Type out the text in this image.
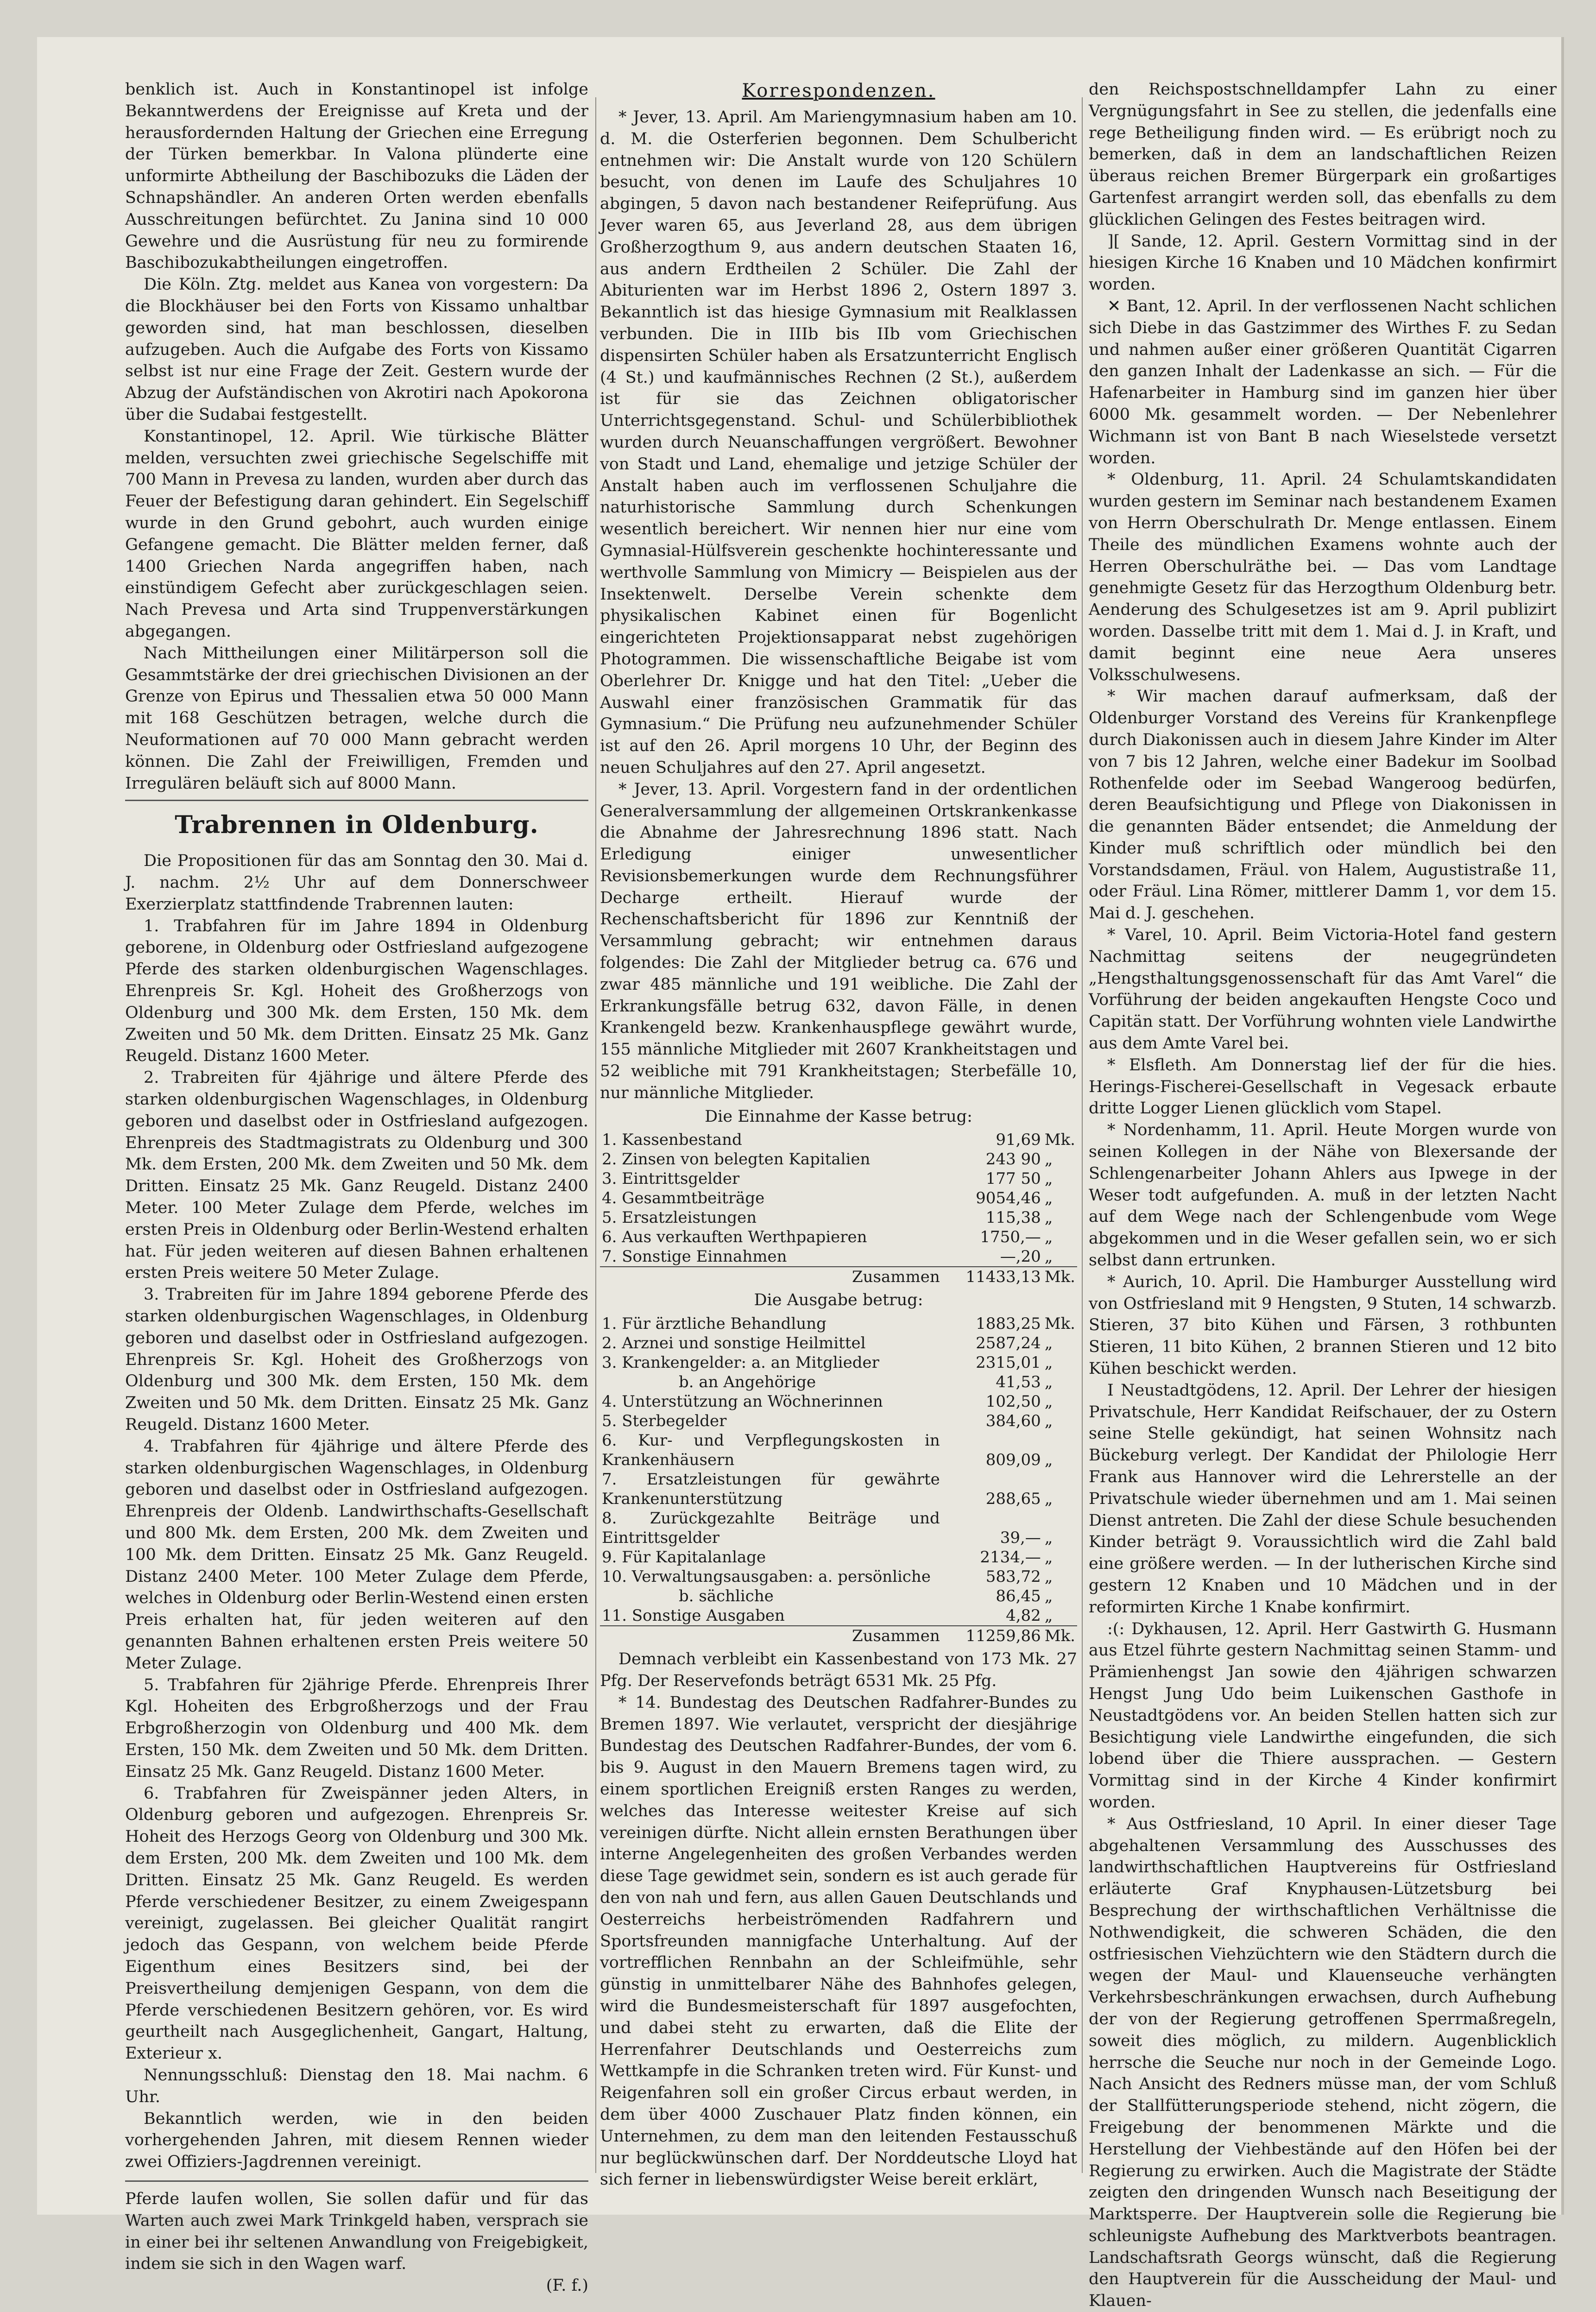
benklich ist. Auch in Konstantinopel ist infolge Bekanntwerdens der Ereignisse auf Kreta und der herausfordernden Haltung der Griechen eine Erregung der Türken bemerkbar. In Valona plünderte eine unformirte Abtheilung der Baschibozuks die Läden der Schnapshändler. An anderen Orten werden ebenfalls Ausschreitungen befürchtet. Zu Janina sind 10 000 Gewehre und die Ausrüstung für neu zu formirende Baschibozukabtheilungen eingetroffen.

Die Köln. Ztg. meldet aus Kanea von vorgestern: Da die Blockhäuser bei den Forts von Kissamo unhaltbar geworden sind, hat man beschlossen, dieselben aufzugeben. Auch die Aufgabe des Forts von Kissamo selbst ist nur eine Frage der Zeit. Gestern wurde der Abzug der Aufständischen von Akrotiri nach Apokorona über die Sudabai festgestellt.

Konstantinopel, 12. April. Wie türkische Blätter melden, versuchten zwei griechische Segelschiffe mit 700 Mann in Prevesa zu landen, wurden aber durch das Feuer der Befestigung daran gehindert. Ein Segelschiff wurde in den Grund gebohrt, auch wurden einige Gefangene gemacht. Die Blätter melden ferner, daß 1400 Griechen Narda angegriffen haben, nach einstündigem Gefecht aber zurückgeschlagen seien. Nach Prevesa und Arta sind Truppenverstärkungen abgegangen.

Nach Mittheilungen einer Militärperson soll die Gesammtstärke der drei griechischen Divisionen an der Grenze von Epirus und Thessalien etwa 50 000 Mann mit 168 Geschützen betragen, welche durch die Neuformationen auf 70 000 Mann gebracht werden können. Die Zahl der Freiwilligen, Fremden und Irregulären beläuft sich auf 8000 Mann.

Trabrennen in Oldenburg.

Die Propositionen für das am Sonntag den 30. Mai d. J. nachm. 2½ Uhr auf dem Donnerschweer Exerzierplatz stattfindende Trabrennen lauten:

1. Trabfahren für im Jahre 1894 in Oldenburg geborene, in Oldenburg oder Ostfriesland aufgezogene Pferde des starken oldenburgischen Wagenschlages. Ehrenpreis Sr. Kgl. Hoheit des Großherzogs von Oldenburg und 300 Mk. dem Ersten, 150 Mk. dem Zweiten und 50 Mk. dem Dritten. Einsatz 25 Mk. Ganz Reugeld. Distanz 1600 Meter.

2. Trabreiten für 4jährige und ältere Pferde des starken oldenburgischen Wagenschlages, in Oldenburg geboren und daselbst oder in Ostfriesland aufgezogen. Ehrenpreis des Stadtmagistrats zu Oldenburg und 300 Mk. dem Ersten, 200 Mk. dem Zweiten und 50 Mk. dem Dritten. Einsatz 25 Mk. Ganz Reugeld. Distanz 2400 Meter. 100 Meter Zulage dem Pferde, welches im ersten Preis in Oldenburg oder Berlin-Westend erhalten hat. Für jeden weiteren auf diesen Bahnen erhaltenen ersten Preis weitere 50 Meter Zulage.

3. Trabreiten für im Jahre 1894 geborene Pferde des starken oldenburgischen Wagenschlages, in Oldenburg geboren und daselbst oder in Ostfriesland aufgezogen. Ehrenpreis Sr. Kgl. Hoheit des Großherzogs von Oldenburg und 300 Mk. dem Ersten, 150 Mk. dem Zweiten und 50 Mk. dem Dritten. Einsatz 25 Mk. Ganz Reugeld. Distanz 1600 Meter.

4. Trabfahren für 4jährige und ältere Pferde des starken oldenburgischen Wagenschlages, in Oldenburg geboren und daselbst oder in Ostfriesland aufgezogen. Ehrenpreis der Oldenb. Landwirthschafts-Gesellschaft und 800 Mk. dem Ersten, 200 Mk. dem Zweiten und 100 Mk. dem Dritten. Einsatz 25 Mk. Ganz Reugeld. Distanz 2400 Meter. 100 Meter Zulage dem Pferde, welches in Oldenburg oder Berlin-Westend einen ersten Preis erhalten hat, für jeden weiteren auf den genannten Bahnen erhaltenen ersten Preis weitere 50 Meter Zulage.

5. Trabfahren für 2jährige Pferde. Ehrenpreis Ihrer Kgl. Hoheiten des Erbgroßherzogs und der Frau Erbgroßherzogin von Oldenburg und 400 Mk. dem Ersten, 150 Mk. dem Zweiten und 50 Mk. dem Dritten. Einsatz 25 Mk. Ganz Reugeld. Distanz 1600 Meter.

6. Trabfahren für Zweispänner jeden Alters, in Oldenburg geboren und aufgezogen. Ehrenpreis Sr. Hoheit des Herzogs Georg von Oldenburg und 300 Mk. dem Ersten, 200 Mk. dem Zweiten und 100 Mk. dem Dritten. Einsatz 25 Mk. Ganz Reugeld. Es werden Pferde verschiedener Besitzer, zu einem Zweigespann vereinigt, zugelassen. Bei gleicher Qualität rangirt jedoch das Gespann, von welchem beide Pferde Eigenthum eines Besitzers sind, bei der Preisvertheilung demjenigen Gespann, von dem die Pferde verschiedenen Besitzern gehören, vor. Es wird geurtheilt nach Ausgeglichenheit, Gangart, Haltung, Exterieur x.

Nennungsschluß: Dienstag den 18. Mai nachm. 6 Uhr.

Bekanntlich werden, wie in den beiden vorhergehenden Jahren, mit diesem Rennen wieder zwei Offiziers-Jagdrennen vereinigt.

Pferde laufen wollen, Sie sollen dafür und für das Warten auch zwei Mark Trinkgeld haben, versprach sie in einer bei ihr seltenen Anwandlung von Freigebigkeit, indem sie sich in den Wagen warf.

(F. f.)
Korrespondenzen.

* Jever, 13. April. Am Mariengymnasium haben am 10. d. M. die Osterferien begonnen. Dem Schulbericht entnehmen wir: Die Anstalt wurde von 120 Schülern besucht, von denen im Laufe des Schuljahres 10 abgingen, 5 davon nach bestandener Reifeprüfung. Aus Jever waren 65, aus Jeverland 28, aus dem übrigen Großherzogthum 9, aus andern deutschen Staaten 16, aus andern Erdtheilen 2 Schüler. Die Zahl der Abiturienten war im Herbst 1896 2, Ostern 1897 3. Bekanntlich ist das hiesige Gymnasium mit Realklassen verbunden. Die in IIIb bis IIb vom Griechischen dispensirten Schüler haben als Ersatzunterricht Englisch (4 St.) und kaufmännisches Rechnen (2 St.), außerdem ist für sie das Zeichnen obligatorischer Unterrichtsgegenstand. Schul- und Schülerbibliothek wurden durch Neuanschaffungen vergrößert. Bewohner von Stadt und Land, ehemalige und jetzige Schüler der Anstalt haben auch im verflossenen Schuljahre die naturhistorische Sammlung durch Schenkungen wesentlich bereichert. Wir nennen hier nur eine vom Gymnasial-Hülfsverein geschenkte hochinteressante und werthvolle Sammlung von Mimicry — Beispielen aus der Insektenwelt. Derselbe Verein schenkte dem physikalischen Kabinet einen für Bogenlicht eingerichteten Projektionsapparat nebst zugehörigen Photogrammen. Die wissenschaftliche Beigabe ist vom Oberlehrer Dr. Knigge und hat den Titel: „Ueber die Auswahl einer französischen Grammatik für das Gymnasium.“ Die Prüfung neu aufzunehmender Schüler ist auf den 26. April morgens 10 Uhr, der Beginn des neuen Schuljahres auf den 27. April angesetzt.

* Jever, 13. April. Vorgestern fand in der ordentlichen Generalversammlung der allgemeinen Ortskrankenkasse die Abnahme der Jahresrechnung 1896 statt. Nach Erledigung einiger unwesentlicher Revisionsbemerkungen wurde dem Rechnungsführer Decharge ertheilt. Hierauf wurde der Rechenschaftsbericht für 1896 zur Kenntniß der Versammlung gebracht; wir entnehmen daraus folgendes: Die Zahl der Mitglieder betrug ca. 676 und zwar 485 männliche und 191 weibliche. Die Zahl der Erkrankungsfälle betrug 632, davon Fälle, in denen Krankengeld bezw. Krankenhauspflege gewährt wurde, 155 männliche Mitglieder mit 2607 Krankheitstagen und 52 weibliche mit 791 Krankheitstagen; Sterbefälle 10, nur männliche Mitglieder.

Die Einnahme der Kasse betrug:
1. Kassenbestand	91,69	Mk.
2. Zinsen von belegten Kapitalien	243 90	„
3. Eintrittsgelder	177 50	„
4. Gesammtbeiträge	9054,46	„
5. Ersatzleistungen	115,38	„
6. Aus verkauften Werthpapieren	1750,—	„
7. Sonstige Einnahmen	—,20	„
Zusammen	11433,13	Mk.
Die Ausgabe betrug:
1. Für ärztliche Behandlung	1883,25	Mk.
2. Arznei und sonstige Heilmittel	2587,24	„
3. Krankengelder: a. an Mitglieder	2315,01	„
b. an Angehörige	41,53	„
4. Unterstützung an Wöchnerinnen	102,50	„
5. Sterbegelder	384,60	„
6. Kur- und Verpflegungskosten in Krankenhäusern	809,09	„
7. Ersatzleistungen für gewährte Krankenunterstützung	288,65	„
8. Zurückgezahlte Beiträge und Eintrittsgelder	39,—	„
9. Für Kapitalanlage	2134,—	„
10. Verwaltungsausgaben: a. persönliche	583,72	„
b. sächliche	86,45	„
11. Sonstige Ausgaben	4,82	„
Zusammen	11259,86	Mk.

Demnach verbleibt ein Kassenbestand von 173 Mk. 27 Pfg. Der Reservefonds beträgt 6531 Mk. 25 Pfg.

* 14. Bundestag des Deutschen Radfahrer-Bundes zu Bremen 1897. Wie verlautet, verspricht der diesjährige Bundestag des Deutschen Radfahrer-Bundes, der vom 6. bis 9. August in den Mauern Bremens tagen wird, zu einem sportlichen Ereigniß ersten Ranges zu werden, welches das Interesse weitester Kreise auf sich vereinigen dürfte. Nicht allein ernsten Berathungen über interne Angelegenheiten des großen Verbandes werden diese Tage gewidmet sein, sondern es ist auch gerade für den von nah und fern, aus allen Gauen Deutschlands und Oesterreichs herbeiströmenden Radfahrern und Sportsfreunden mannigfache Unterhaltung. Auf der vortrefflichen Rennbahn an der Schleifmühle, sehr günstig in unmittelbarer Nähe des Bahnhofes gelegen, wird die Bundesmeisterschaft für 1897 ausgefochten, und dabei steht zu erwarten, daß die Elite der Herrenfahrer Deutschlands und Oesterreichs zum Wettkampfe in die Schranken treten wird. Für Kunst- und Reigenfahren soll ein großer Circus erbaut werden, in dem über 4000 Zuschauer Platz finden können, ein Unternehmen, zu dem man den leitenden Festausschuß nur beglückwünschen darf. Der Norddeutsche Lloyd hat sich ferner in liebenswürdigster Weise bereit erklärt,

den Reichspostschnelldampfer Lahn zu einer Vergnügungsfahrt in See zu stellen, die jedenfalls eine rege Betheiligung finden wird. — Es erübrigt noch zu bemerken, daß in dem an landschaftlichen Reizen überaus reichen Bremer Bürgerpark ein großartiges Gartenfest arrangirt werden soll, das ebenfalls zu dem glücklichen Gelingen des Festes beitragen wird.

][ Sande, 12. April. Gestern Vormittag sind in der hiesigen Kirche 16 Knaben und 10 Mädchen konfirmirt worden.

✕ Bant, 12. April. In der verflossenen Nacht schlichen sich Diebe in das Gastzimmer des Wirthes F. zu Sedan und nahmen außer einer größeren Quantität Cigarren den ganzen Inhalt der Ladenkasse an sich. — Für die Hafenarbeiter in Hamburg sind im ganzen hier über 6000 Mk. gesammelt worden. — Der Nebenlehrer Wichmann ist von Bant B nach Wieselstede versetzt worden.

* Oldenburg, 11. April. 24 Schulamtskandidaten wurden gestern im Seminar nach bestandenem Examen von Herrn Oberschulrath Dr. Menge entlassen. Einem Theile des mündlichen Examens wohnte auch der Herren Oberschulräthe bei. — Das vom Landtage genehmigte Gesetz für das Herzogthum Oldenburg betr. Aenderung des Schulgesetzes ist am 9. April publizirt worden. Dasselbe tritt mit dem 1. Mai d. J. in Kraft, und damit beginnt eine neue Aera unseres Volksschulwesens.

* Wir machen darauf aufmerksam, daß der Oldenburger Vorstand des Vereins für Krankenpflege durch Diakonissen auch in diesem Jahre Kinder im Alter von 7 bis 12 Jahren, welche einer Badekur im Soolbad Rothenfelde oder im Seebad Wangeroog bedürfen, deren Beaufsichtigung und Pflege von Diakonissen in die genannten Bäder entsendet; die Anmeldung der Kinder muß schriftlich oder mündlich bei den Vorstandsdamen, Fräul. von Halem, Augustistraße 11, oder Fräul. Lina Römer, mittlerer Damm 1, vor dem 15. Mai d. J. geschehen.

* Varel, 10. April. Beim Victoria-Hotel fand gestern Nachmittag seitens der neugegründeten „Hengsthaltungsgenossenschaft für das Amt Varel“ die Vorführung der beiden angekauften Hengste Coco und Capitän statt. Der Vorführung wohnten viele Landwirthe aus dem Amte Varel bei.

* Elsfleth. Am Donnerstag lief der für die hies. Herings-Fischerei-Gesellschaft in Vegesack erbaute dritte Logger Lienen glücklich vom Stapel.

* Nordenhamm, 11. April. Heute Morgen wurde von seinen Kollegen in der Nähe von Blexersande der Schlengenarbeiter Johann Ahlers aus Ipwege in der Weser todt aufgefunden. A. muß in der letzten Nacht auf dem Wege nach der Schlengenbude vom Wege abgekommen und in die Weser gefallen sein, wo er sich selbst dann ertrunken.

* Aurich, 10. April. Die Hamburger Ausstellung wird von Ostfriesland mit 9 Hengsten, 9 Stuten, 14 schwarzb. Stieren, 37 bito Kühen und Färsen, 3 rothbunten Stieren, 11 bito Kühen, 2 brannen Stieren und 12 bito Kühen beschickt werden.

I Neustadtgödens, 12. April. Der Lehrer der hiesigen Privatschule, Herr Kandidat Reifschauer, der zu Ostern seine Stelle gekündigt, hat seinen Wohnsitz nach Bückeburg verlegt. Der Kandidat der Philologie Herr Frank aus Hannover wird die Lehrerstelle an der Privatschule wieder übernehmen und am 1. Mai seinen Dienst antreten. Die Zahl der diese Schule besuchenden Kinder beträgt 9. Voraussichtlich wird die Zahl bald eine größere werden. — In der lutherischen Kirche sind gestern 12 Knaben und 10 Mädchen und in der reformirten Kirche 1 Knabe konfirmirt.

:(: Dykhausen, 12. April. Herr Gastwirth G. Husmann aus Etzel führte gestern Nachmittag seinen Stamm- und Prämienhengst Jan sowie den 4jährigen schwarzen Hengst Jung Udo beim Luikenschen Gasthofe in Neustadtgödens vor. An beiden Stellen hatten sich zur Besichtigung viele Landwirthe eingefunden, die sich lobend über die Thiere aussprachen. — Gestern Vormittag sind in der Kirche 4 Kinder konfirmirt worden.

* Aus Ostfriesland, 10 April. In einer dieser Tage abgehaltenen Versammlung des Ausschusses des landwirthschaftlichen Hauptvereins für Ostfriesland erläuterte Graf Knyphausen-Lützetsburg bei Besprechung der wirthschaftlichen Verhältnisse die Nothwendigkeit, die schweren Schäden, die den ostfriesischen Viehzüchtern wie den Städtern durch die wegen der Maul- und Klauenseuche verhängten Verkehrsbeschränkungen erwachsen, durch Aufhebung der von der Regierung getroffenen Sperrmaßregeln, soweit dies möglich, zu mildern. Augenblicklich herrsche die Seuche nur noch in der Gemeinde Logo. Nach Ansicht des Redners müsse man, der vom Schluß der Stallfütterungsperiode stehend, nicht zögern, die Freigebung der benommenen Märkte und die Herstellung der Viehbestände auf den Höfen bei der Regierung zu erwirken. Auch die Magistrate der Städte zeigten den dringenden Wunsch nach Beseitigung der Marktsperre. Der Hauptverein solle die Regierung bie schleunigste Aufhebung des Marktverbots beantragen. Landschaftsrath Georgs wünscht, daß die Regierung den Hauptverein für die Ausscheidung der Maul- und Klauen-
